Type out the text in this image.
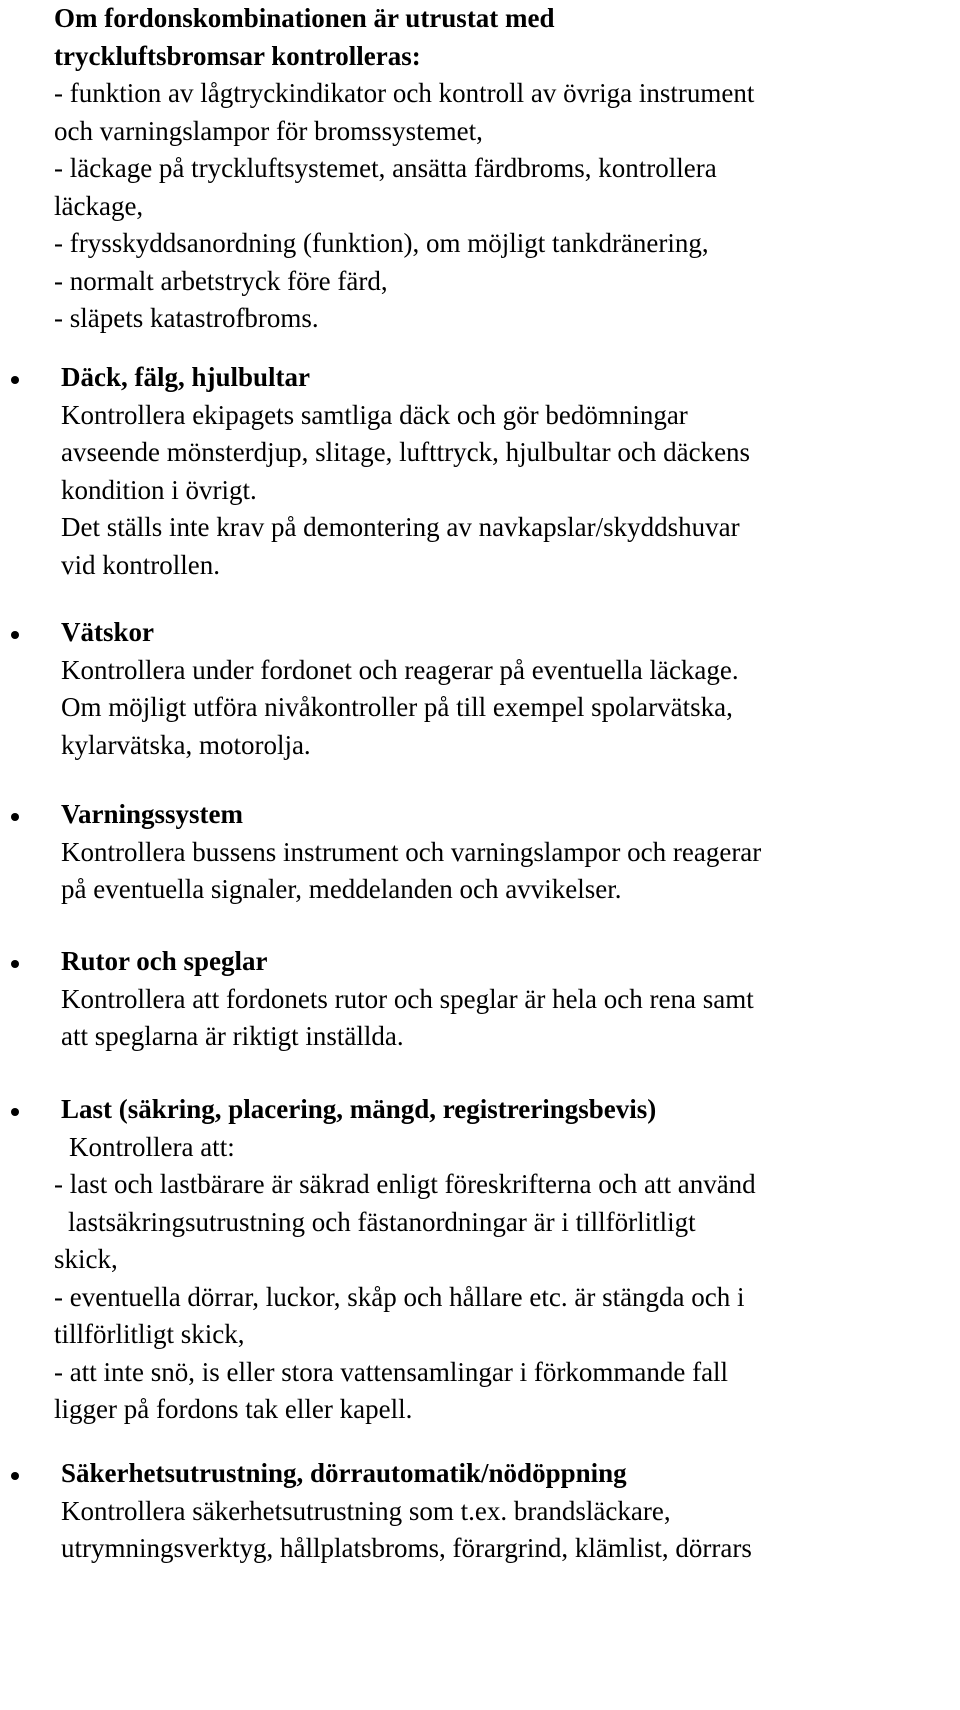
Om fordonskombinationen är utrustat med
tryckluftsbromsar kontrolleras:
- funktion av lågtryckindikator och kontroll av övriga instrument
och varningslampor för bromssystemet,
- läckage på tryckluftsystemet, ansätta färdbroms, kontrollera
läckage,
- frysskyddsanordning (funktion), om möjligt tankdränering,
- normalt arbetstryck före färd,
- släpets katastrofbroms.
Däck, fälg, hjulbultar
Kontrollera ekipagets samtliga däck och gör bedömningar
avseende mönsterdjup, slitage, lufttryck, hjulbultar och däckens
kondition i övrigt.
Det ställs inte krav på demontering av navkapslar/skyddshuvar
vid kontrollen.
Vätskor
Kontrollera under fordonet och reagerar på eventuella läckage.
Om möjligt utföra nivåkontroller på till exempel spolarvätska,
kylarvätska, motorolja.
Varningssystem
Kontrollera bussens instrument och varningslampor och reagerar
på eventuella signaler, meddelanden och avvikelser.
Rutor och speglar
Kontrollera att fordonets rutor och speglar är hela och rena samt
att speglarna är riktigt inställda.
Last (säkring, placering, mängd, registreringsbevis)
Kontrollera att:
- last och lastbärare är säkrad enligt föreskrifterna och att använd
lastsäkringsutrustning och fästanordningar är i tillförlitligt
skick,
- eventuella dörrar, luckor, skåp och hållare etc. är stängda och i
tillförlitligt skick,
- att inte snö, is eller stora vattensamlingar i förkommande fall
ligger på fordons tak eller kapell.
Säkerhetsutrustning, dörrautomatik/nödöppning
Kontrollera säkerhetsutrustning som t.ex. brandsläckare,
utrymningsverktyg, hållplatsbroms, förargrind, klämlist, dörrars
